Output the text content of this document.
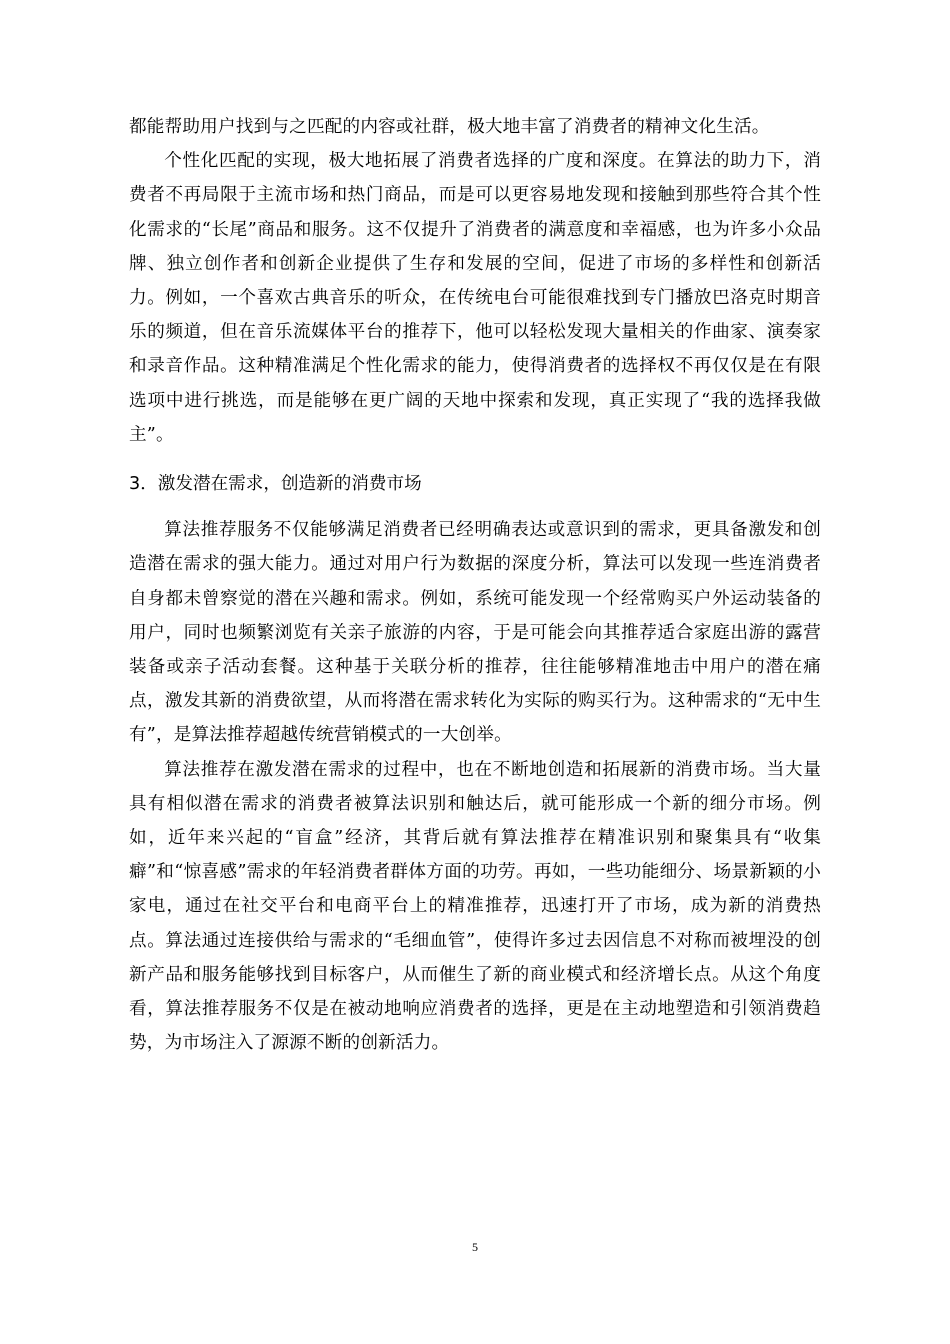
都能帮助用户找到与之匹配的内容或社群，极大地丰富了消费者的精神文化生活。

个性化匹配的实现，极大地拓展了消费者选择的广度和深度。在算法的助力下，消费者不再局限于主流市场和热门商品，而是可以更容易地发现和接触到那些符合其个性化需求的“长尾”商品和服务。这不仅提升了消费者的满意度和幸福感，也为许多小众品牌、独立创作者和创新企业提供了生存和发展的空间，促进了市场的多样性和创新活力。例如，一个喜欢古典音乐的听众，在传统电台可能很难找到专门播放巴洛克时期音乐的频道，但在音乐流媒体平台的推荐下，他可以轻松发现大量相关的作曲家、演奏家和录音作品。这种精准满足个性化需求的能力，使得消费者的选择权不再仅仅是在有限选项中进行挑选，而是能够在更广阔的天地中探索和发现，真正实现了“我的选择我做主”。

3．激发潜在需求，创造新的消费市场

算法推荐服务不仅能够满足消费者已经明确表达或意识到的需求，更具备激发和创造潜在需求的强大能力。通过对用户行为数据的深度分析，算法可以发现一些连消费者自身都未曾察觉的潜在兴趣和需求。例如，系统可能发现一个经常购买户外运动装备的用户，同时也频繁浏览有关亲子旅游的内容，于是可能会向其推荐适合家庭出游的露营装备或亲子活动套餐。这种基于关联分析的推荐，往往能够精准地击中用户的潜在痛点，激发其新的消费欲望，从而将潜在需求转化为实际的购买行为。这种需求的“无中生有”，是算法推荐超越传统营销模式的一大创举。

算法推荐在激发潜在需求的过程中，也在不断地创造和拓展新的消费市场。当大量具有相似潜在需求的消费者被算法识别和触达后，就可能形成一个新的细分市场。例如，近年来兴起的“盲盒”经济，其背后就有算法推荐在精准识别和聚集具有“收集癖”和“惊喜感”需求的年轻消费者群体方面的功劳。再如，一些功能细分、场景新颖的小家电，通过在社交平台和电商平台上的精准推荐，迅速打开了市场，成为新的消费热点。算法通过连接供给与需求的“毛细血管”，使得许多过去因信息不对称而被埋没的创新产品和服务能够找到目标客户，从而催生了新的商业模式和经济增长点。从这个角度看，算法推荐服务不仅是在被动地响应消费者的选择，更是在主动地塑造和引领消费趋势，为市场注入了源源不断的创新活力。

5
